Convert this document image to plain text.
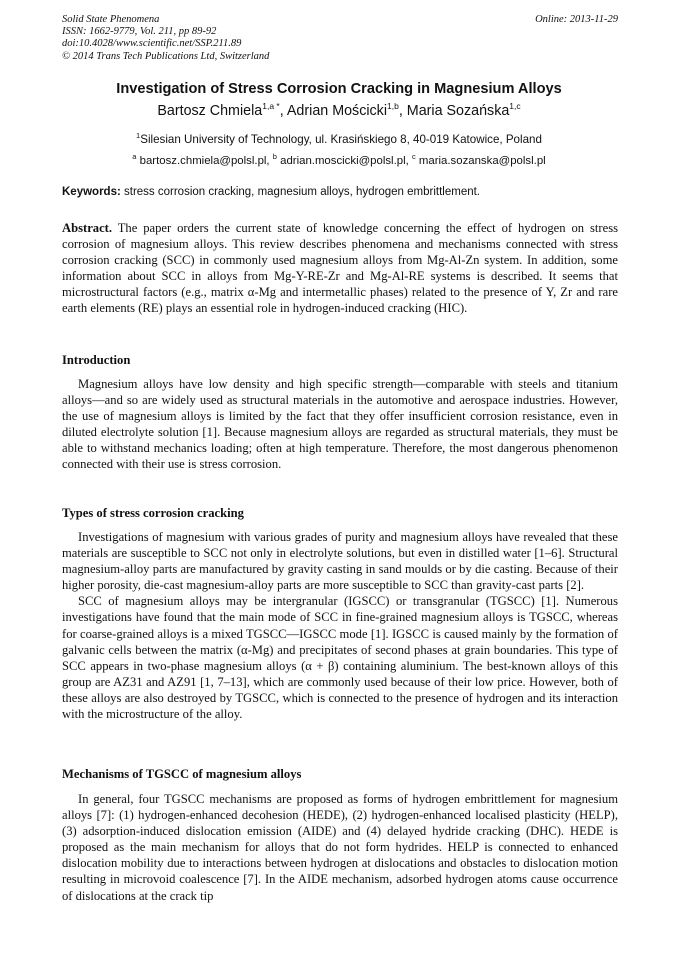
Solid State Phenomena
ISSN: 1662-9779, Vol. 211, pp 89-92
doi:10.4028/www.scientific.net/SSP.211.89
© 2014 Trans Tech Publications Ltd, Switzerland
Online: 2013-11-29
Investigation of Stress Corrosion Cracking in Magnesium Alloys
Bartosz Chmiela$^{1,a *}$, Adrian Mościcki$^{1,b}$, Maria Sozańska$^{1,c}$
$^1$Silesian University of Technology, ul. Krasińskiego 8, 40-019 Katowice, Poland
$^a$ bartosz.chmiela@polsl.pl, $^b$ adrian.moscicki@polsl.pl, $^c$ maria.sozanska@polsl.pl
Keywords: stress corrosion cracking, magnesium alloys, hydrogen embrittlement.

Abstract. The paper orders the current state of knowledge concerning the effect of hydrogen on stress corrosion of magnesium alloys. This review describes phenomena and mechanisms connected with stress corrosion cracking (SCC) in commonly used magnesium alloys from Mg-Al-Zn system. In addition, some information about SCC in alloys from Mg-Y-RE-Zr and Mg-Al-RE systems is described. It seems that microstructural factors (e.g., matrix α-Mg and intermetallic phases) related to the presence of Y, Zr and rare earth elements (RE) plays an essential role in hydrogen-induced cracking (HIC).

Introduction

Magnesium alloys have low density and high specific strength—comparable with steels and titanium alloys—and so are widely used as structural materials in the automotive and aerospace industries. However, the use of magnesium alloys is limited by the fact that they offer insufficient corrosion resistance, even in diluted electrolyte solution [1]. Because magnesium alloys are regarded as structural materials, they must be able to withstand mechanics loading; often at high temperature. Therefore, the most dangerous phenomenon connected with their use is stress corrosion.

Types of stress corrosion cracking

Investigations of magnesium with various grades of purity and magnesium alloys have revealed that these materials are susceptible to SCC not only in electrolyte solutions, but even in distilled water [1–6]. Structural magnesium-alloy parts are manufactured by gravity casting in sand moulds or by die casting. Because of their higher porosity, die-cast magnesium-alloy parts are more susceptible to SCC than gravity-cast parts [2].

SCC of magnesium alloys may be intergranular (IGSCC) or transgranular (TGSCC) [1]. Numerous investigations have found that the main mode of SCC in fine-grained magnesium alloys is TGSCC, whereas for coarse-grained alloys is a mixed TGSCC—IGSCC mode [1]. IGSCC is caused mainly by the formation of galvanic cells between the matrix (α-Mg) and precipitates of second phases at grain boundaries. This type of SCC appears in two-phase magnesium alloys (α + β) containing aluminium. The best-known alloys of this group are AZ31 and AZ91 [1, 7–13], which are commonly used because of their low price. However, both of these alloys are also destroyed by TGSCC, which is connected to the presence of hydrogen and its interaction with the microstructure of the alloy.

Mechanisms of TGSCC of magnesium alloys

In general, four TGSCC mechanisms are proposed as forms of hydrogen embrittlement for magnesium alloys [7]: (1) hydrogen-enhanced decohesion (HEDE), (2) hydrogen-enhanced localised plasticity (HELP), (3) adsorption-induced dislocation emission (AIDE) and (4) delayed hydride cracking (DHC). HEDE is proposed as the main mechanism for alloys that do not form hydrides. HELP is connected to enhanced dislocation mobility due to interactions between hydrogen at dislocations and obstacles to dislocation motion resulting in microvoid coalescence [7]. In the AIDE mechanism, adsorbed hydrogen atoms cause occurrence of dislocations at the crack tip
